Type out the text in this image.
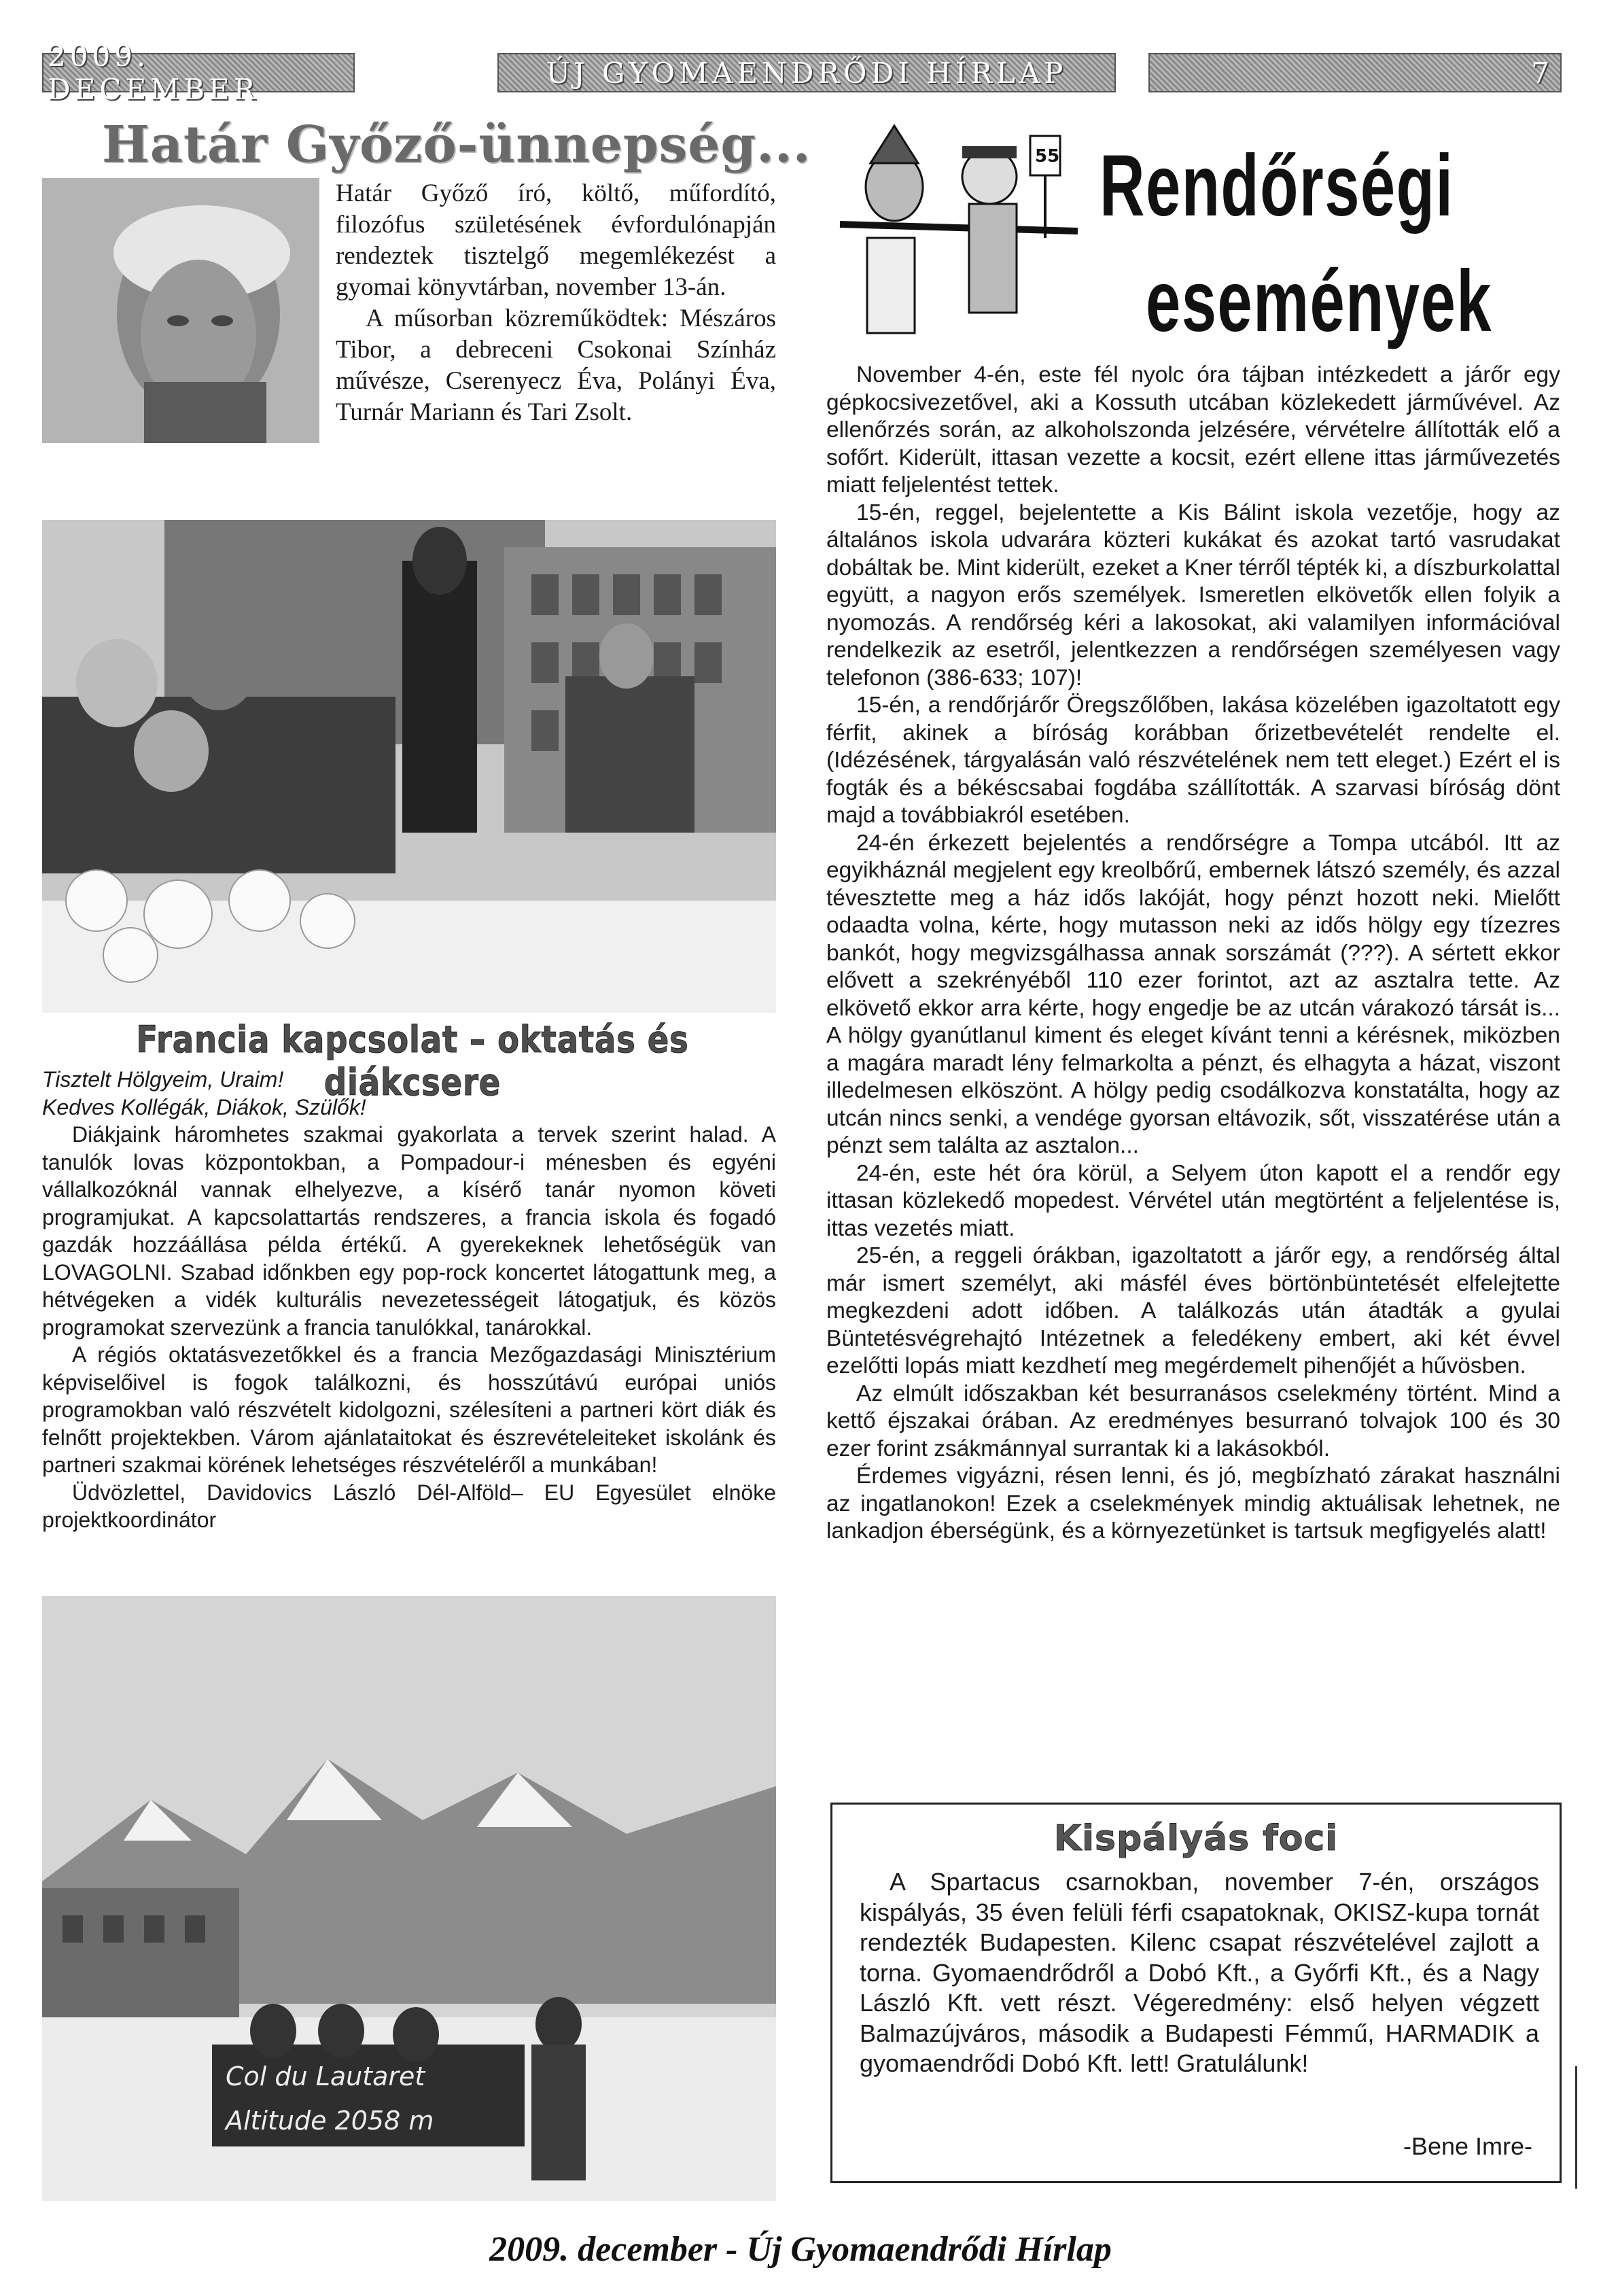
2009. DECEMBER	ÚJ GYOMAENDRŐDI HÍRLAP	7
Határ Győző-ünnepség...

Határ Győző író, költő, műfordító, filozófus születésének évfordulónapján rendeztek tisztelgő megemlékezést a gyomai könyvtárban, november 13-án.

A műsorban közreműködtek: Mészáros Tibor, a debreceni Csokonai Színház művésze, Cserenyecz Éva, Polányi Éva, Turnár Mariann és Tari Zsolt.

Francia kapcsolat – oktatás és diákcsere

Tisztelt Hölgyeim, Uraim!

Kedves Kollégák, Diákok, Szülők!

Diákjaink háromhetes szakmai gyakorlata a tervek szerint halad. A tanulók lovas központokban, a Pompadour-i ménesben és egyéni vállalkozóknál vannak elhelyezve, a kísérő tanár nyomon követi programjukat. A kapcsolattartás rendszeres, a francia iskola és fogadó gazdák hozzáállása példa értékű. A gyerekeknek lehetőségük van LOVAGOLNI. Szabad időnkben egy pop-rock koncertet látogattunk meg, a hétvégeken a vidék kulturális nevezetességeit látogatjuk, és közös programokat szervezünk a francia tanulókkal, tanárokkal.

A régiós oktatásvezetőkkel és a francia Mezőgazdasági Minisztérium képviselőivel is fogok találkozni, és hosszútávú európai uniós programokban való részvételt kidolgozni, szélesíteni a partneri kört diák és felnőtt projektekben. Várom ajánlataitokat és észrevételeiteket iskolánk és partneri szakmai körének lehetséges részvételéről a munkában!

Üdvözlettel, Davidovics László Dél-Alföld– EU Egyesület elnöke projektkoordinátor

Col du Lautaret
Altitude 2058 m
55 Rendőrségi
események

November 4-én, este fél nyolc óra tájban intézkedett a járőr egy gépkocsivezetővel, aki a Kossuth utcában közlekedett járművével. Az ellenőrzés során, az alkoholszonda jelzésére, vérvételre állították elő a sofőrt. Kiderült, ittasan vezette a kocsit, ezért ellene ittas járművezetés miatt feljelentést tettek.

15-én, reggel, bejelentette a Kis Bálint iskola vezetője, hogy az általános iskola udvarára közteri kukákat és azokat tartó vasrudakat dobáltak be. Mint kiderült, ezeket a Kner térről tépték ki, a díszburkolattal együtt, a nagyon erős személyek. Ismeretlen elkövetők ellen folyik a nyomozás. A rendőrség kéri a lakosokat, aki valamilyen információval rendelkezik az esetről, jelentkezzen a rendőrségen személyesen vagy telefonon (386-633; 107)!

15-én, a rendőrjárőr Öregszőlőben, lakása közelében igazoltatott egy férfit, akinek a bíróság korábban őrizetbevételét rendelte el. (Idézésének, tárgyalásán való részvételének nem tett eleget.) Ezért el is fogták és a békéscsabai fogdába szállították. A szarvasi bíróság dönt majd a továbbiakról esetében.

24-én érkezett bejelentés a rendőrségre a Tompa utcából. Itt az egyikháznál megjelent egy kreolbőrű, embernek látszó személy, és azzal tévesztette meg a ház idős lakóját, hogy pénzt hozott neki. Mielőtt odaadta volna, kérte, hogy mutasson neki az idős hölgy egy tízezres bankót, hogy megvizsgálhassa annak sorszámát (???). A sértett ekkor elővett a szekrényéből 110 ezer forintot, azt az asztalra tette. Az elkövető ekkor arra kérte, hogy engedje be az utcán várakozó társát is... A hölgy gyanútlanul kiment és eleget kívánt tenni a kérésnek, miközben a magára maradt lény felmarkolta a pénzt, és elhagyta a házat, viszont illedelmesen elköszönt. A hölgy pedig csodálkozva konstatálta, hogy az utcán nincs senki, a vendége gyorsan eltávozik, sőt, visszatérése után a pénzt sem találta az asztalon...

24-én, este hét óra körül, a Selyem úton kapott el a rendőr egy ittasan közlekedő mopedest. Vérvétel után megtörtént a feljelentése is, ittas vezetés miatt.

25-én, a reggeli órákban, igazoltatott a járőr egy, a rendőrség által már ismert személyt, aki másfél éves börtönbüntetését elfelejtette megkezdeni adott időben. A találkozás után átadták a gyulai Büntetésvégrehajtó Intézetnek a feledékeny embert, aki két évvel ezelőtti lopás miatt kezdhetí meg megérdemelt pihenőjét a hűvösben.

Az elmúlt időszakban két besurranásos cselekmény történt. Mind a kettő éjszakai órában. Az eredményes besurranó tolvajok 100 és 30 ezer forint zsákmánnyal surrantak ki a lakásokból.

Érdemes vigyázni, résen lenni, és jó, megbízható zárakat használni az ingatlanokon! Ezek a cselekmények mindig aktuálisak lehetnek, ne lankadjon éberségünk, és a környezetünket is tartsuk megfigyelés alatt!

Kispályás foci
A Spartacus csarnokban, november 7-én, országos kispályás, 35 éven felüli férfi csapatoknak, OKISZ-kupa tornát rendezték Budapesten. Kilenc csapat részvételével zajlott a torna. Gyomaendrődről a Dobó Kft., a Győrfi Kft., és a Nagy László Kft. vett részt. Végeredmény: első helyen végzett Balmazújváros, második a Budapesti Fémmű, HARMADIK a gyomaendrődi Dobó Kft. lett! Gratulálunk!
-Bene Imre-
2009. december - Új Gyomaendrődi Hírlap
